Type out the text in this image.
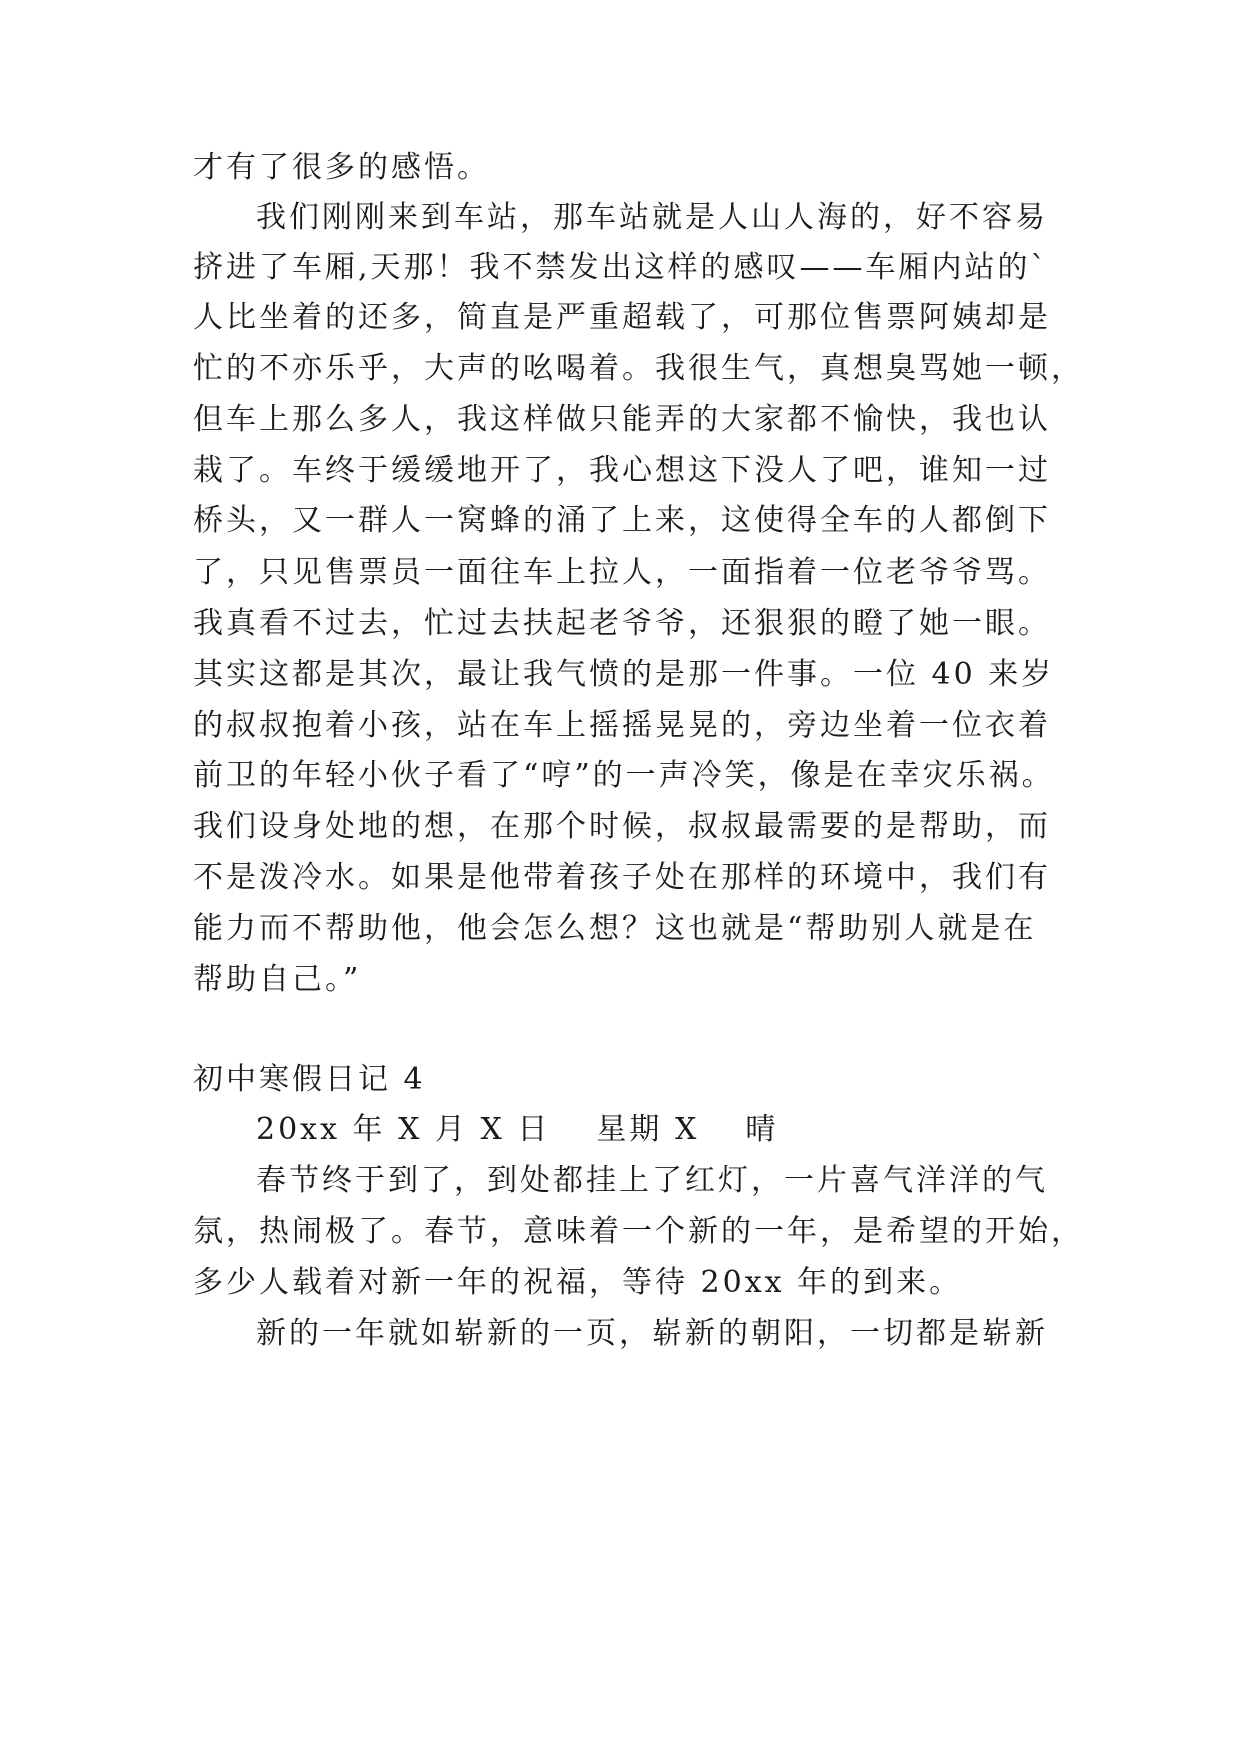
才有了很多的感悟。
我们刚刚来到车站，那车站就是人山人海的，好不容易
挤进了车厢,天那！我不禁发出这样的感叹——车厢内站的`
人比坐着的还多，简直是严重超载了，可那位售票阿姨却是
忙的不亦乐乎，大声的吆喝着。我很生气，真想臭骂她一顿，
但车上那么多人，我这样做只能弄的大家都不愉快，我也认
栽了。车终于缓缓地开了，我心想这下没人了吧，谁知一过
桥头，又一群人一窝蜂的涌了上来，这使得全车的人都倒下
了，只见售票员一面往车上拉人，一面指着一位老爷爷骂。
我真看不过去，忙过去扶起老爷爷，还狠狠的瞪了她一眼。
其实这都是其次，最让我气愤的是那一件事。一位 40 来岁
的叔叔抱着小孩，站在车上摇摇晃晃的，旁边坐着一位衣着
前卫的年轻小伙子看了“哼”的一声冷笑，像是在幸灾乐祸。
我们设身处地的想，在那个时候，叔叔最需要的是帮助，而
不是泼冷水。如果是他带着孩子处在那样的环境中，我们有
能力而不帮助他，他会怎么想？这也就是“帮助别人就是在
帮助自己。”
初中寒假日记 4
20xx 年 X 月 X 日 星期 X 晴
春节终于到了，到处都挂上了红灯，一片喜气洋洋的气
氛，热闹极了。春节，意味着一个新的一年，是希望的开始，
多少人载着对新一年的祝福，等待 20xx 年的到来。
新的一年就如崭新的一页，崭新的朝阳，一切都是崭新
